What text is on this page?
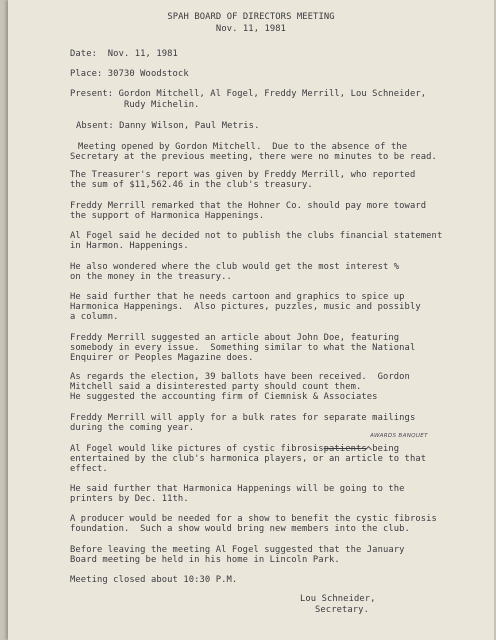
SPAH BOARD OF DIRECTORS MEETING
Nov. 11, 1981
Date:  Nov. 11, 1981
Place: 30730 Woodstock
Present: Gordon Mitchell, Al Fogel, Freddy Merrill, Lou Schneider,
Rudy Michelin.
Absent: Danny Wilson, Paul Metris.
Meeting opened by Gordon Mitchell.  Due to the absence of the
Secretary at the previous meeting, there were no minutes to be read.
The Treasurer's report was given by Freddy Merrill, who reported
the sum of $11,562.46 in the club's treasury.
Freddy Merrill remarked that the Hohner Co. should pay more toward
the support of Harmonica Happenings.
Al Fogel said he decided not to publish the clubs financial statement
in Harmon. Happenings.
He also wondered where the club would get the most interest %
on the money in the treasury..
He said further that he needs cartoon and graphics to spice up
Harmonica Happenings.  Also pictures, puzzles, music and possibly
a column.
Freddy Merrill suggested an article about John Doe, featuring
somebody in every issue.  Something similar to what the National
Enquirer or Peoples Magazine does.
As regards the election, 39 ballots have been received.  Gordon
Mitchell said a disinterested party should count them.
He suggested the accounting firm of Ciemnisk & Associates
Freddy Merrill will apply for a bulk rates for separate mailings
during the coming year.
AWARDS BANQUET
Al Fogel would like pictures of cystic fibrosispatients being
entertained by the club's harmonica players, or an article to that
effect.
He said further that Harmonica Happenings will be going to the
printers by Dec. 11th.
A producer would be needed for a show to benefit the cystic fibrosis
foundation.  Such a show would bring new members into the club.
Before leaving the meeting Al Fogel suggested that the January
Board meeting be held in his home in Lincoln Park.
Meeting closed about 10:30 P.M.
Lou Schneider,
Secretary.
